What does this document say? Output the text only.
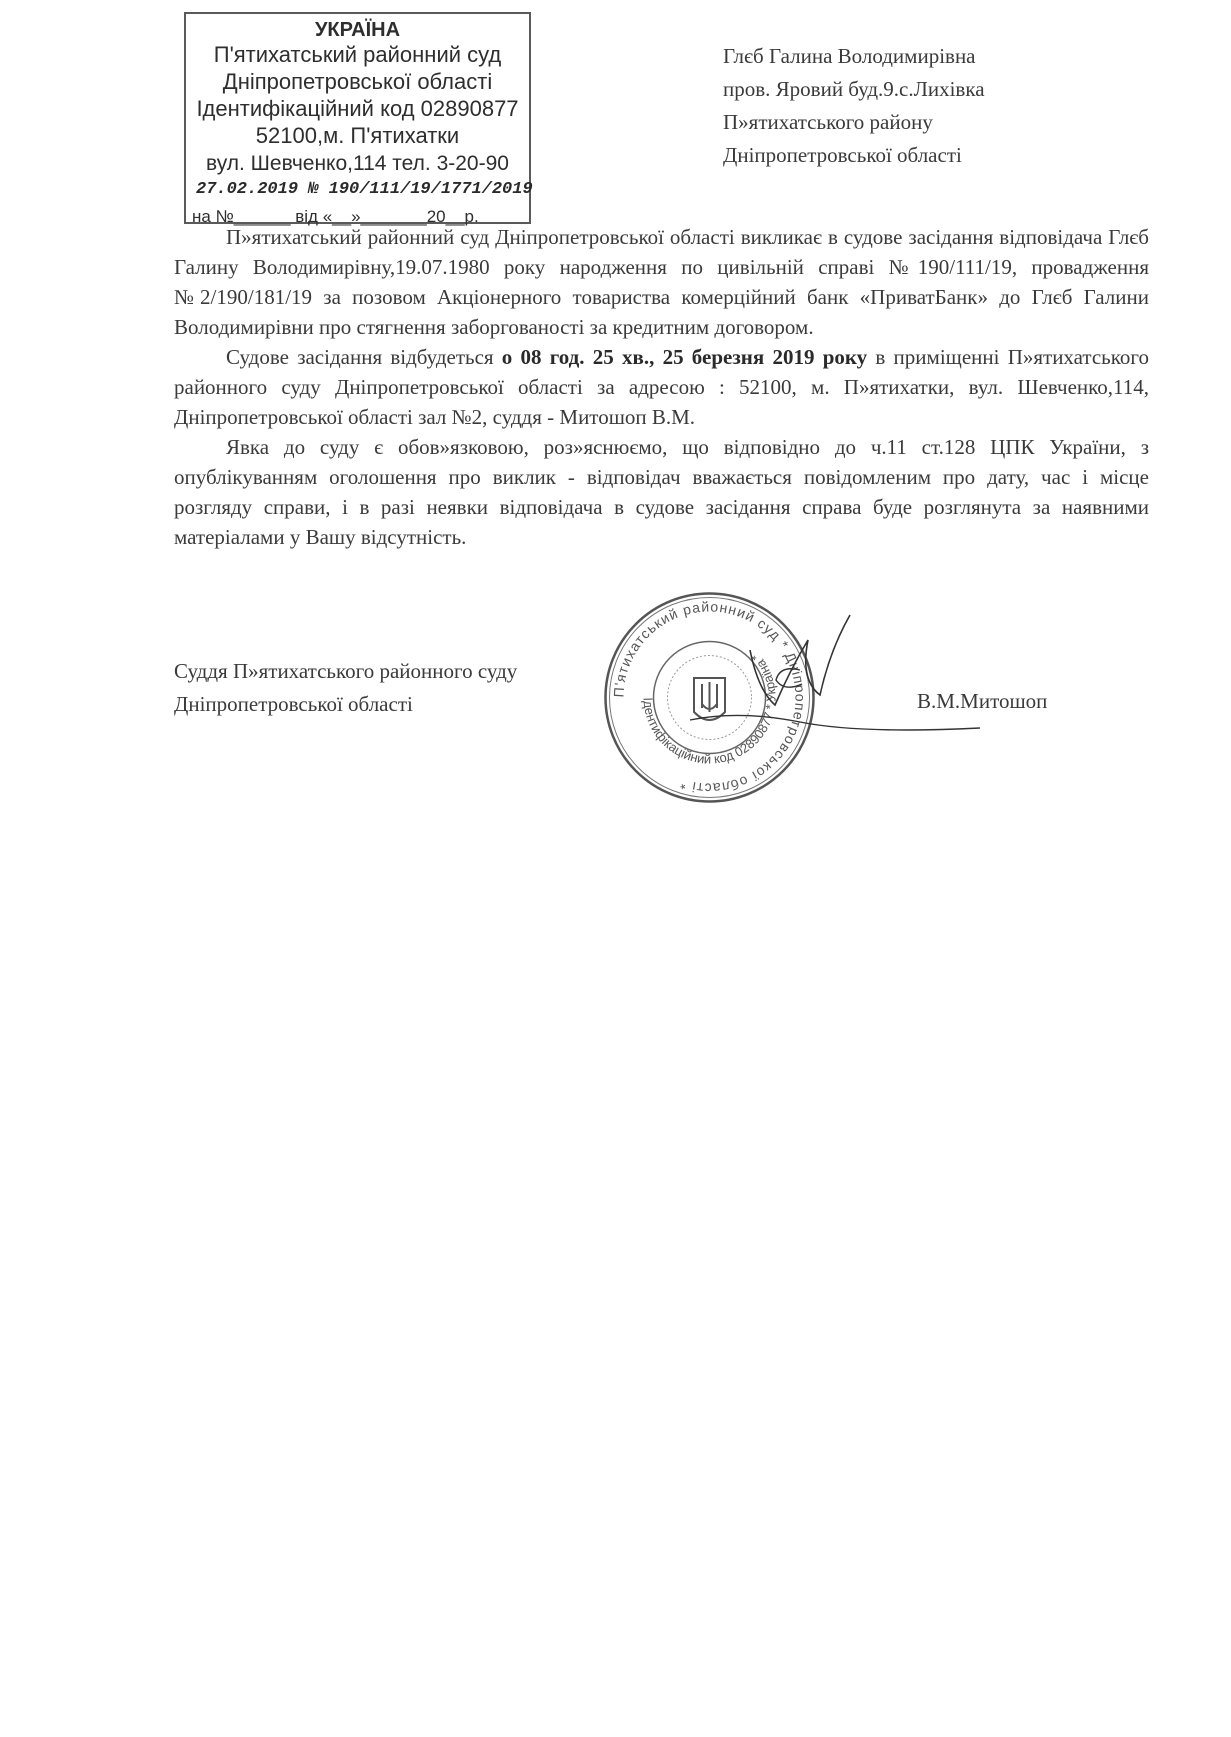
УКРАЇНА
П'ятихатський районний суд
Дніпропетровської області
Ідентифікаційний код 02890877
52100,м. П'ятихатки
вул. Шевченко,114 тел. 3-20-90
27.02.2019 № 190/111/19/1771/2019
на №______ від «__»_______20__р.
Глєб Галина Володимирівна
пров. Яровий буд.9.с.Лихівка
П»ятихатського району
Дніпропетровської області

П»ятихатський районний суд Дніпропетровської області викликає в судове засідання відповідача Глєб Галину Володимирівну,19.07.1980 року народження по цивільній справі №190/111/19, провадження №2/190/181/19 за позовом Акціонерного товариства комерційний банк «ПриватБанк» до Глєб Галини Володимирівни про стягнення заборгованості за кредитним договором.

Судове засідання відбудеться о 08 год. 25 хв., 25 березня 2019 року в приміщенні П»ятихатського районного суду Дніпропетровської області за адресою : 52100, м. П»ятихатки, вул. Шевченко,114, Дніпропетровської області зал №2, суддя - Митошоп В.М.

Явка до суду є обов»язковою, роз»яснюємо, що відповідно до ч.11 ст.128 ЦПК України, з опублікуванням оголошення про виклик - відповідач вважається повідомленим про дату, час і місце розгляду справи, і в разі неявки відповідача в судове засідання справа буде розглянута за наявними матеріалами у Вашу відсутність.

Суддя П»ятихатського районного суду
Дніпропетровської області
П'ятихатський районний суд * Дніпропетровської області *
Ідентифікаційний код 02890877 * Україна *
В.М.Митошоп
